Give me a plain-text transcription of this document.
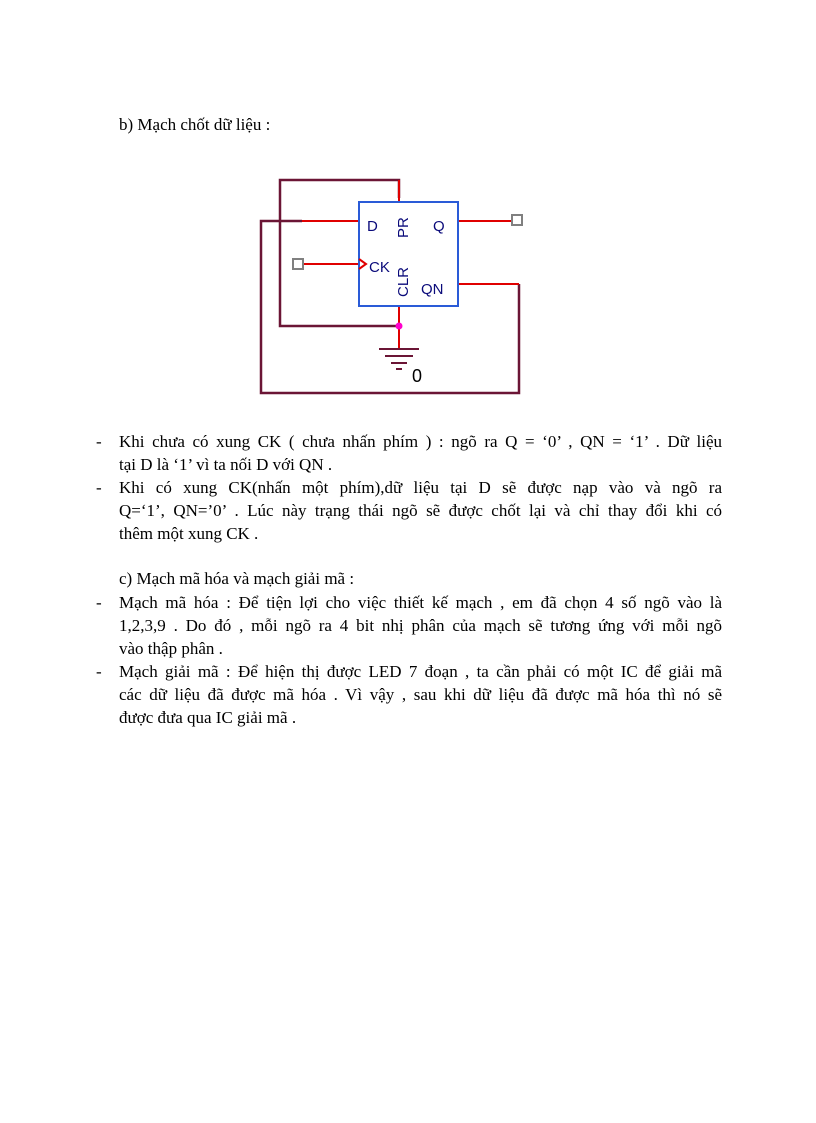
b) Mạch chốt dữ liệu :
D PR Q
CK CLR QN
0
- Khi chưa có xung CK ( chưa nhấn phím ) : ngõ ra Q = ‘0’ , QN = ‘1’ . Dữ liệu
tại D là ‘1’ vì ta nối D với QN .
- Khi có xung CK(nhấn một phím),dữ liệu tại D sẽ được nạp vào và ngõ ra
Q=‘1’, QN=’0’ . Lúc này trạng thái ngõ sẽ được chốt lại và chỉ thay đổi khi có
thêm một xung CK .
c) Mạch mã hóa và mạch giải mã :
- Mạch mã hóa : Để tiện lợi cho việc thiết kế mạch , em đã chọn 4 số ngõ vào là
1,2,3,9 . Do đó , mỗi ngõ ra 4 bit nhị phân của mạch sẽ tương ứng với mỗi ngõ
vào thập phân .
- Mạch giải mã : Để hiện thị được LED 7 đoạn , ta cần phải có một IC để giải mã
các dữ liệu đã được mã hóa . Vì vậy , sau khi dữ liệu đã được mã hóa thì nó sẽ
được đưa qua IC giải mã .
